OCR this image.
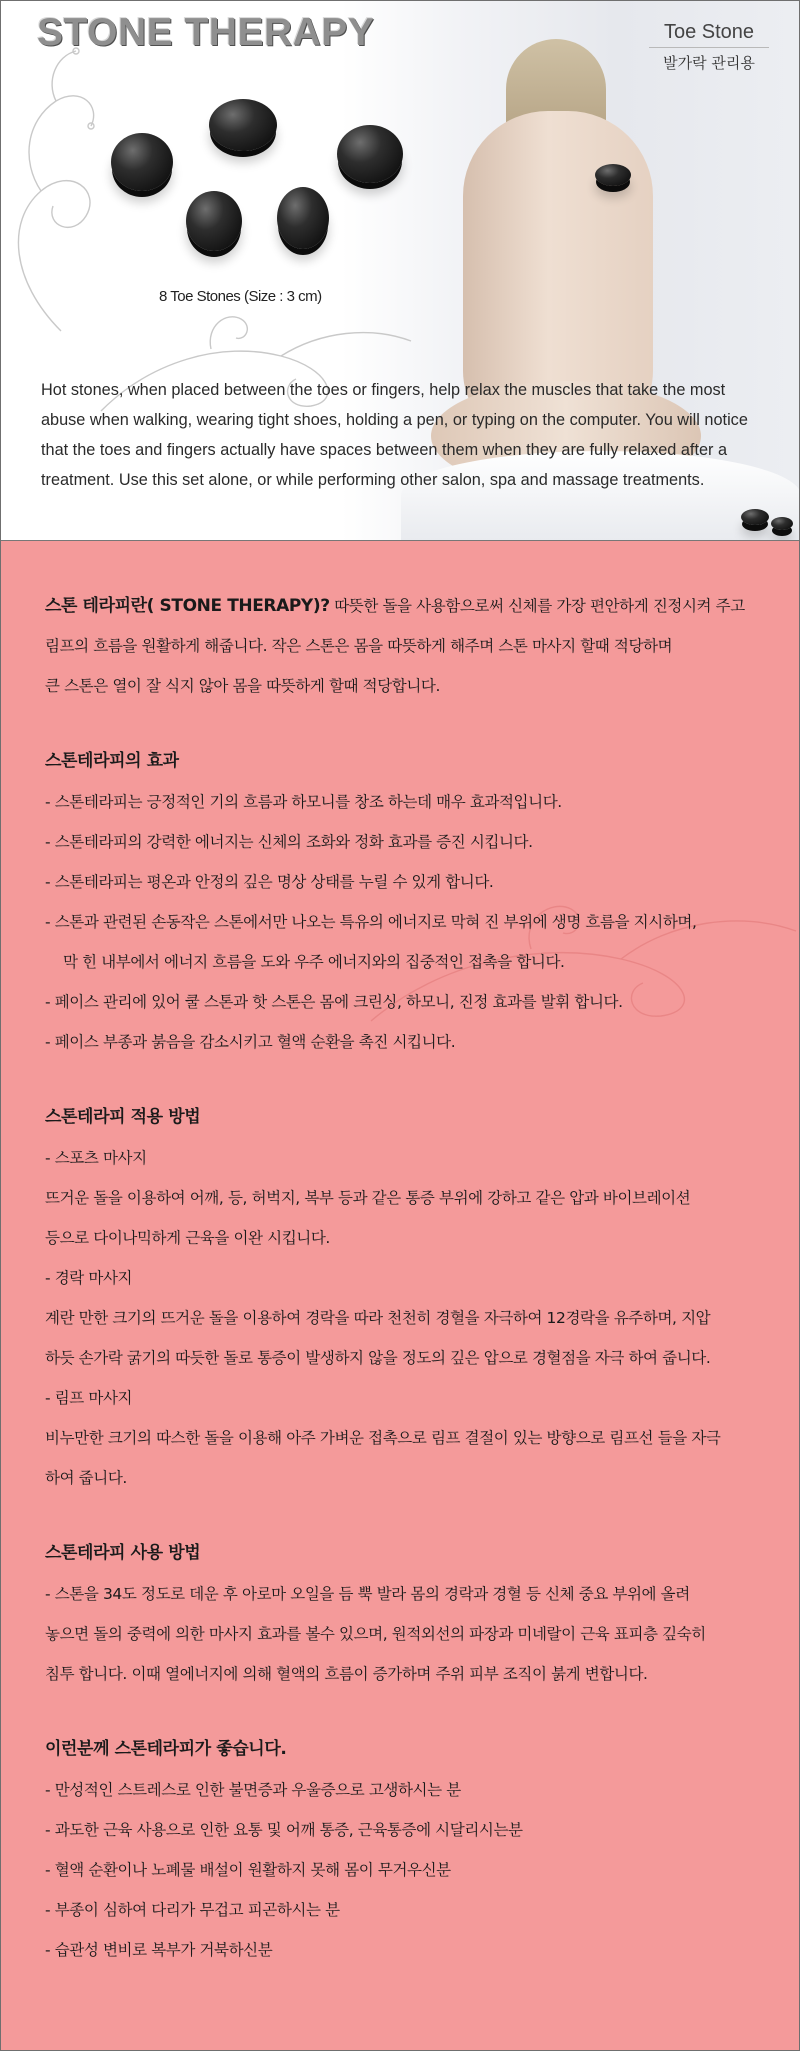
STONE THERAPY	Toe Stone
발가락 관리용
8 Toe Stones (Size : 3 cm)

Hot stones, when placed between the toes or fingers, help relax the muscles that take the most abuse when walking, wearing tight shoes, holding a pen, or typing on the computer. You will notice that the toes and fingers actually have spaces between them when they are fully relaxed after a treatment. Use this set alone, or while performing other salon, spa and massage treatments.

스톤 테라피란( STONE THERAPY)? 따뜻한 돌을 사용함으로써 신체를 가장 편안하게 진정시켜 주고

림프의 흐름을 원활하게 해줍니다. 작은 스톤은 몸을 따뜻하게 해주며 스톤 마사지 할때 적당하며

큰 스톤은 열이 잘 식지 않아 몸을 따뜻하게 할때 적당합니다.

스톤테라피의 효과

- 스톤테라피는 긍정적인 기의 흐름과 하모니를 창조 하는데 매우 효과적입니다.

- 스톤테라피의 강력한 에너지는 신체의 조화와 정화 효과를 증진 시킵니다.

- 스톤테라피는 평온과 안정의 깊은 명상 상태를 누릴 수 있게 합니다.

- 스톤과 관련된 손동작은 스톤에서만 나오는 특유의 에너지로 막혀 진 부위에 생명 흐름을 지시하며,

막 힌 내부에서 에너지 흐름을 도와 우주 에너지와의 집중적인 접촉을 합니다.

- 페이스 관리에 있어 쿨 스톤과 핫 스톤은 몸에 크린싱, 하모니, 진정 효과를 발휘 합니다.

- 페이스 부종과 붉음을 감소시키고 혈액 순환을 촉진 시킵니다.

스톤테라피 적용 방법

- 스포츠 마사지

뜨거운 돌을 이용하여 어깨, 등, 허벅지, 복부 등과 같은 통증 부위에 강하고 같은 압과 바이브레이션

등으로 다이나믹하게 근육을 이완 시킵니다.

- 경락 마사지

계란 만한 크기의 뜨거운 돌을 이용하여 경락을 따라 천천히 경혈을 자극하여 12경락을 유주하며, 지압

하듯 손가락 굵기의 따듯한 돌로 통증이 발생하지 않을 정도의 깊은 압으로 경혈점을 자극 하여 줍니다.

- 림프 마사지

비누만한 크기의 따스한 돌을 이용해 아주 가벼운 접촉으로 림프 결절이 있는 방향으로 림프선 들을 자극

하여 줍니다.

스톤테라피 사용 방법

- 스톤을 34도 정도로 데운 후 아로마 오일을 듬 뿍 발라 몸의 경락과 경혈 등 신체 중요 부위에 올려

놓으면 돌의 중력에 의한 마사지 효과를 볼수 있으며, 원적외선의 파장과 미네랄이 근육 표피층 깊숙히

침투 합니다. 이때 열에너지에 의해 혈액의 흐름이 증가하며 주위 피부 조직이 붉게 변합니다.

이런분께 스톤테라피가 좋습니다.

- 만성적인 스트레스로 인한 불면증과 우울증으로 고생하시는 분

- 과도한 근육 사용으로 인한 요통 및 어깨 통증, 근육통증에 시달리시는분

- 혈액 순환이나 노폐물 배설이 원활하지 못해 몸이 무거우신분

- 부종이 심하여 다리가 무겁고 피곤하시는 분

- 습관성 변비로 복부가 거북하신분
